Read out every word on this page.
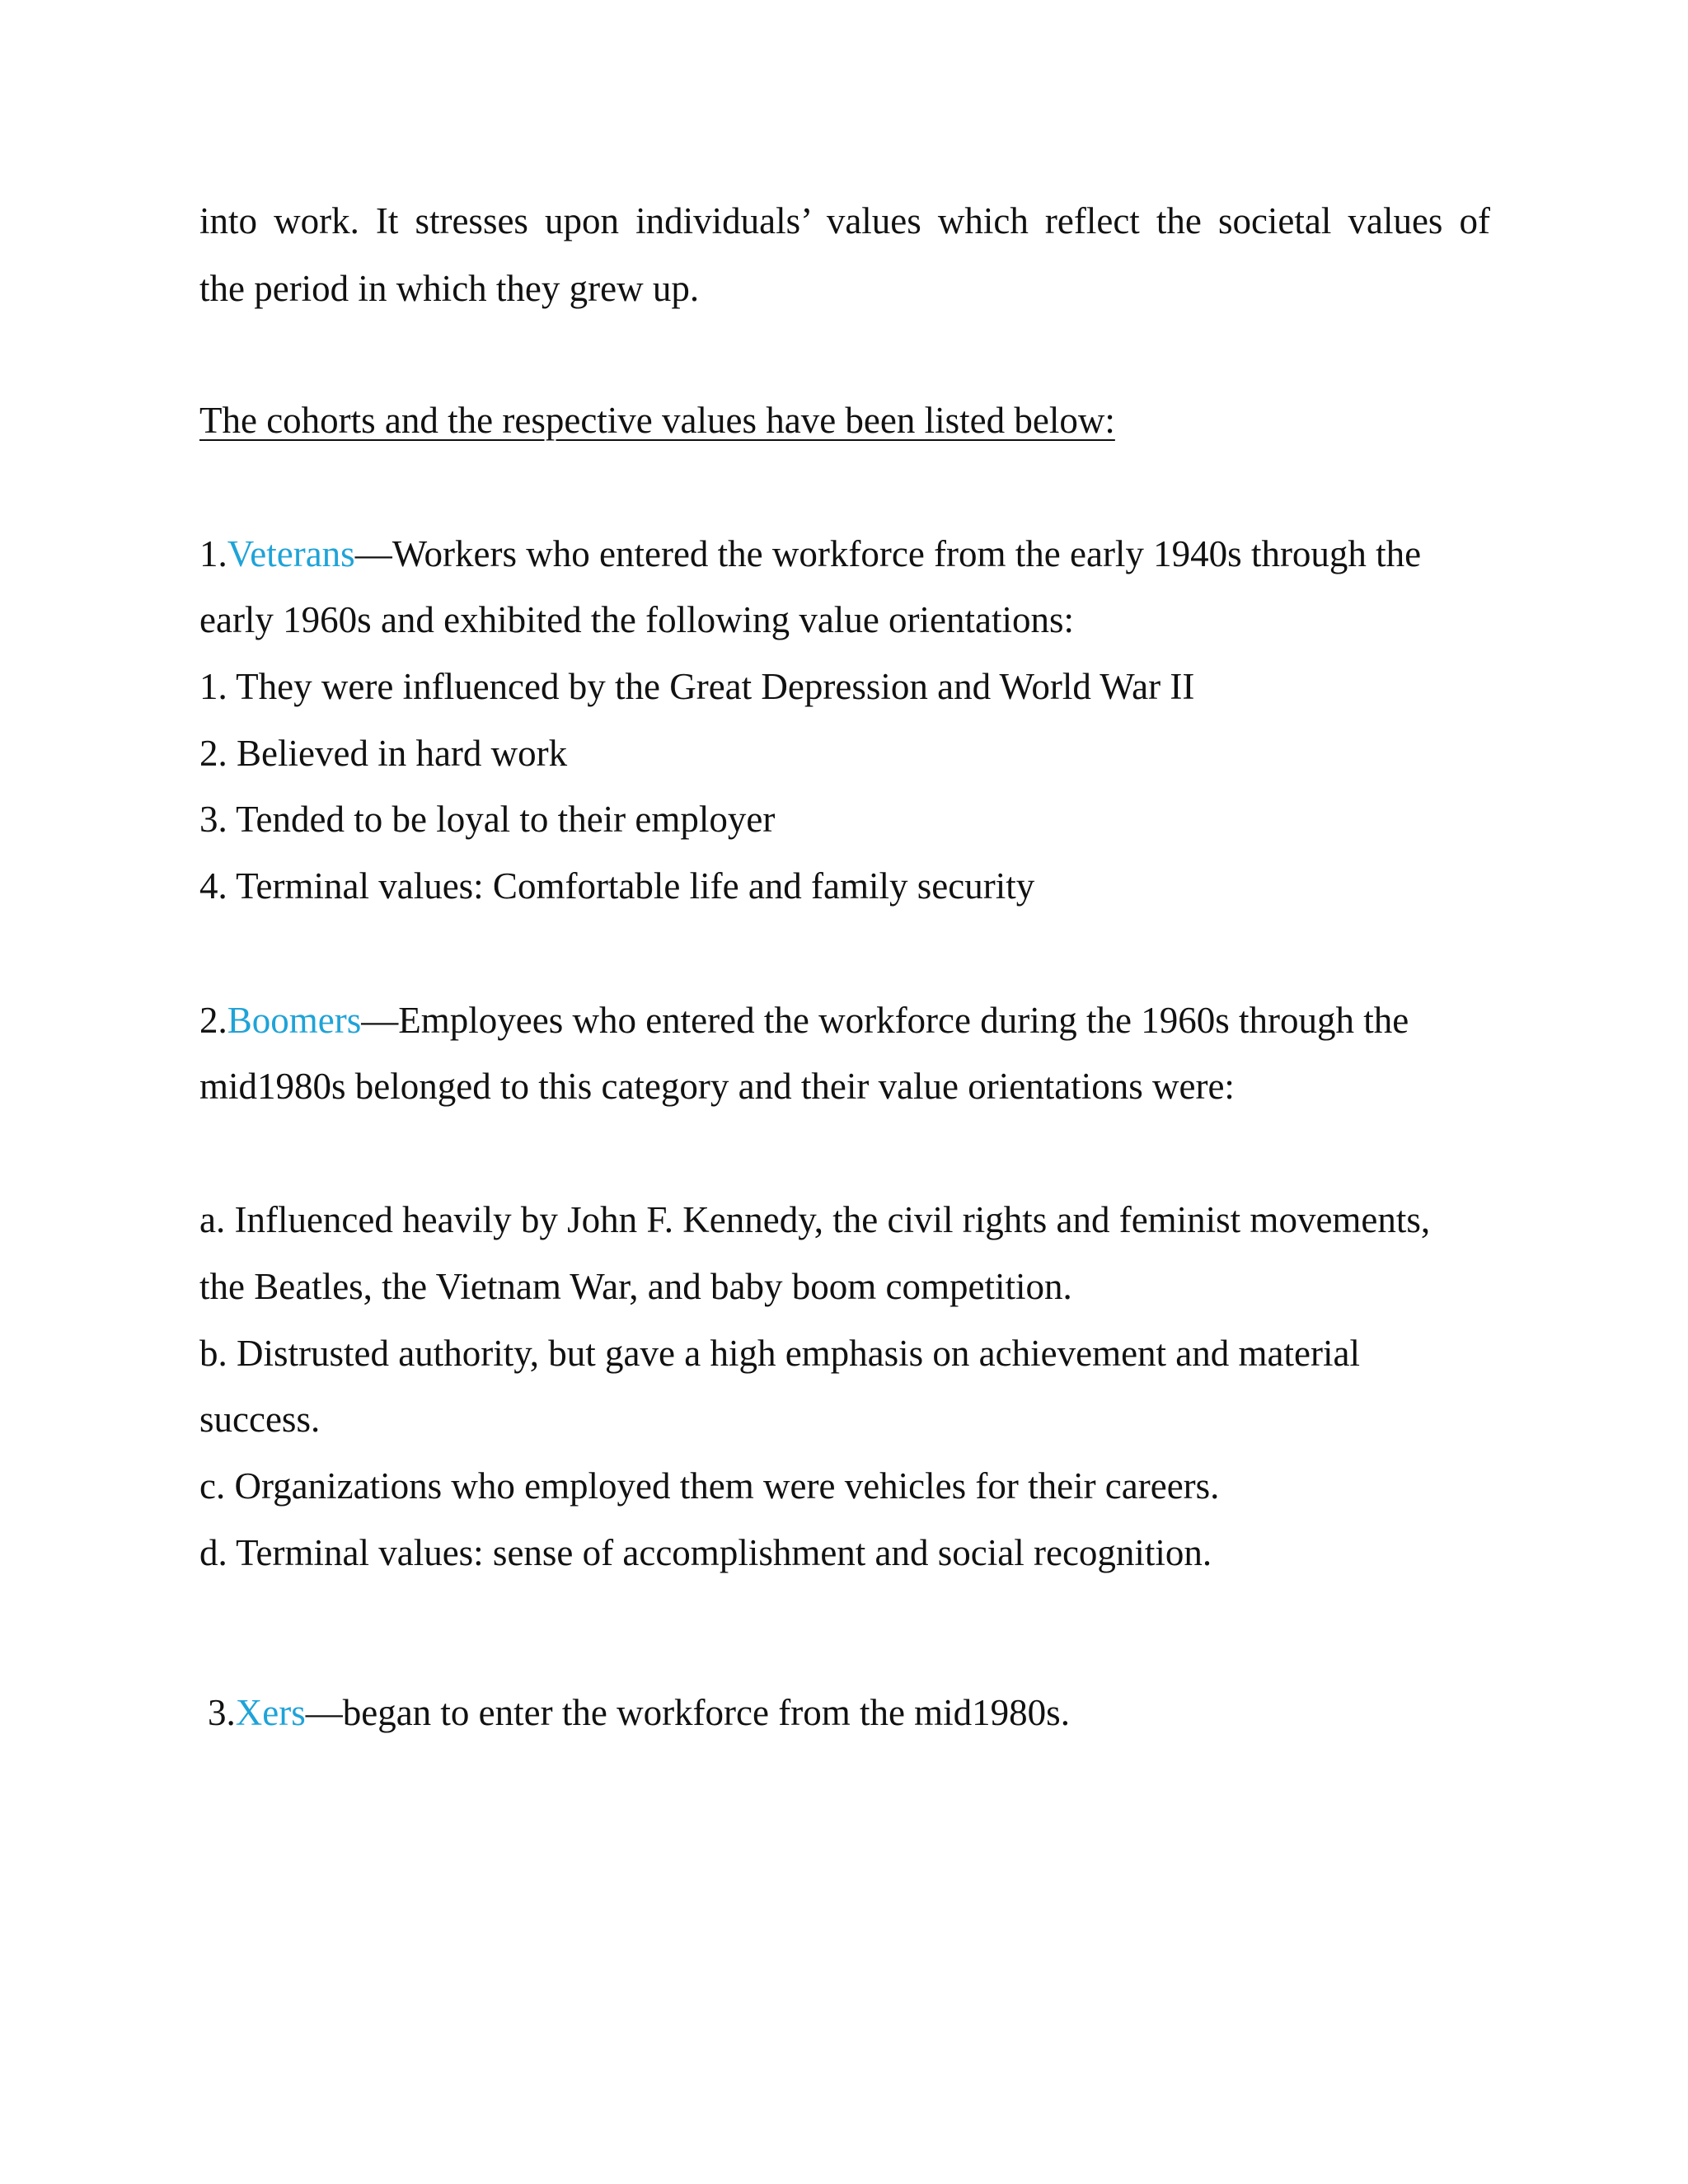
into work. It stresses upon individuals’ values which reflect the societal values of
the period in which they grew up.
The cohorts and the respective values have been listed below:
1.Veterans—Workers who entered the workforce from the early 1940s through the
early 1960s and exhibited the following value orientations:
1. They were influenced by the Great Depression and World War II
2. Believed in hard work
3. Tended to be loyal to their employer
4. Terminal values: Comfortable life and family security
2.Boomers—Employees who entered the workforce during the 1960s through the
mid1980s belonged to this category and their value orientations were:
a. Influenced heavily by John F. Kennedy, the civil rights and feminist movements,
the Beatles, the Vietnam War, and baby boom competition.
b. Distrusted authority, but gave a high emphasis on achievement and material
success.
c. Organizations who employed them were vehicles for their careers.
d. Terminal values: sense of accomplishment and social recognition.
3.Xers—began to enter the workforce from the mid1980s.
